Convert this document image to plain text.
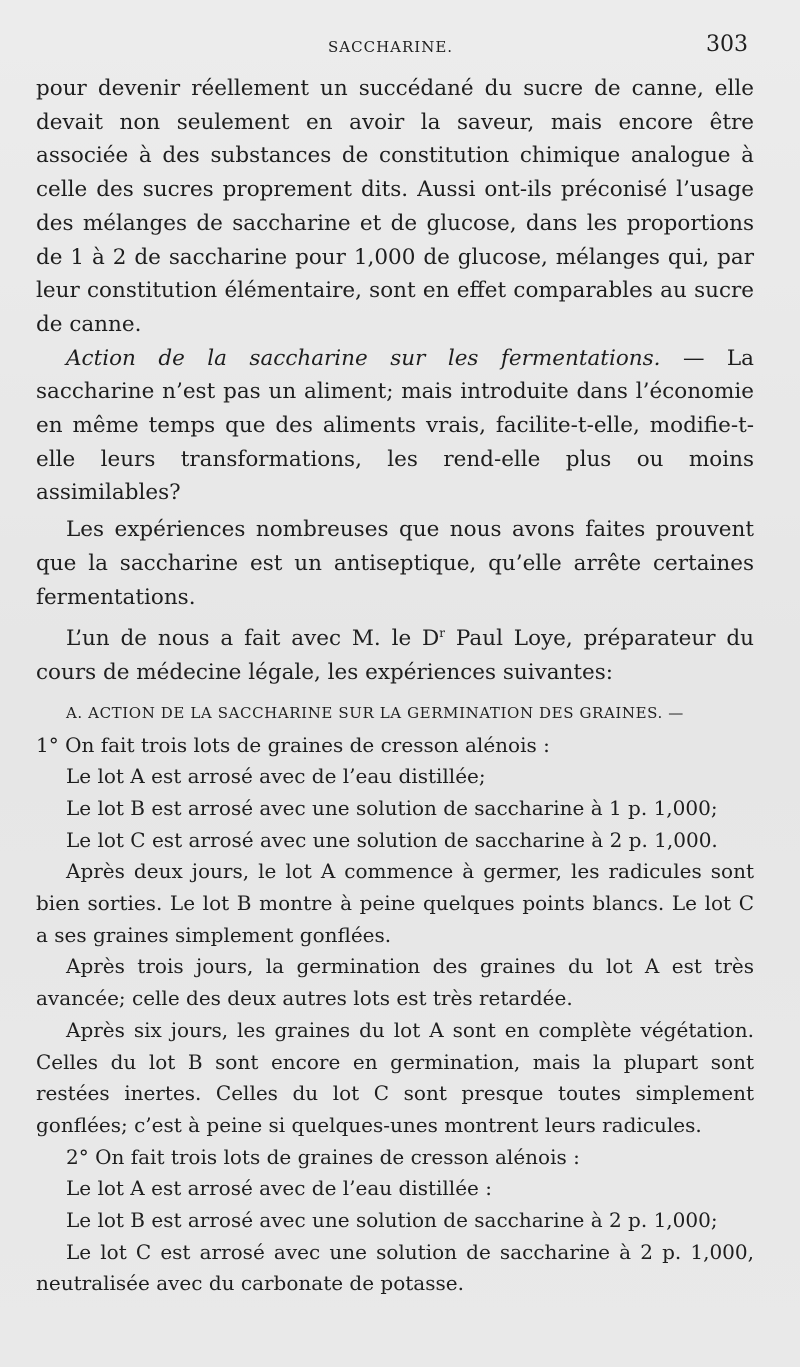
SACCHARINE.	303

pour devenir réellement un succédané du sucre de canne, elle devait non seulement en avoir la saveur, mais encore être associée à des substances de constitution chimique analogue à celle des sucres proprement dits. Aussi ont-ils préconisé l’usage des mélanges de saccharine et de glucose, dans les proportions de 1 à 2 de saccharine pour 1,000 de glucose, mélanges qui, par leur constitution élémentaire, sont en effet comparables au sucre de canne.

Action de la saccharine sur les fermentations. — La saccharine n’est pas un aliment; mais introduite dans l’économie en même temps que des aliments vrais, facilite-t-elle, modifie-t-elle leurs transformations, les rend-elle plus ou moins assimilables?

Les expériences nombreuses que nous avons faites prouvent que la saccharine est un antiseptique, qu’elle arrête certaines fermentations.

L’un de nous a fait avec M. le $D^r$ Paul Loye, préparateur du cours de médecine légale, les expériences suivantes:

A. ACTION DE LA SACCHARINE SUR LA GERMINATION DES GRAINES. —

1° On fait trois lots de graines de cresson alénois :

Le lot A est arrosé avec de l’eau distillée;

Le lot B est arrosé avec une solution de saccharine à 1 p. 1,000;

Le lot C est arrosé avec une solution de saccharine à 2 p. 1,000.

Après deux jours, le lot A commence à germer, les radicules sont bien sorties. Le lot B montre à peine quelques points blancs. Le lot C a ses graines simplement gonflées.

Après trois jours, la germination des graines du lot A est très avancée; celle des deux autres lots est très retardée.

Après six jours, les graines du lot A sont en complète végétation. Celles du lot B sont encore en germination, mais la plupart sont restées inertes. Celles du lot C sont presque toutes simplement gonflées; c’est à peine si quelques-unes montrent leurs radicules.

2° On fait trois lots de graines de cresson alénois :

Le lot A est arrosé avec de l’eau distillée :

Le lot B est arrosé avec une solution de saccharine à 2 p. 1,000;

Le lot C est arrosé avec une solution de saccharine à 2 p. 1,000, neutralisée avec du carbonate de potasse.
